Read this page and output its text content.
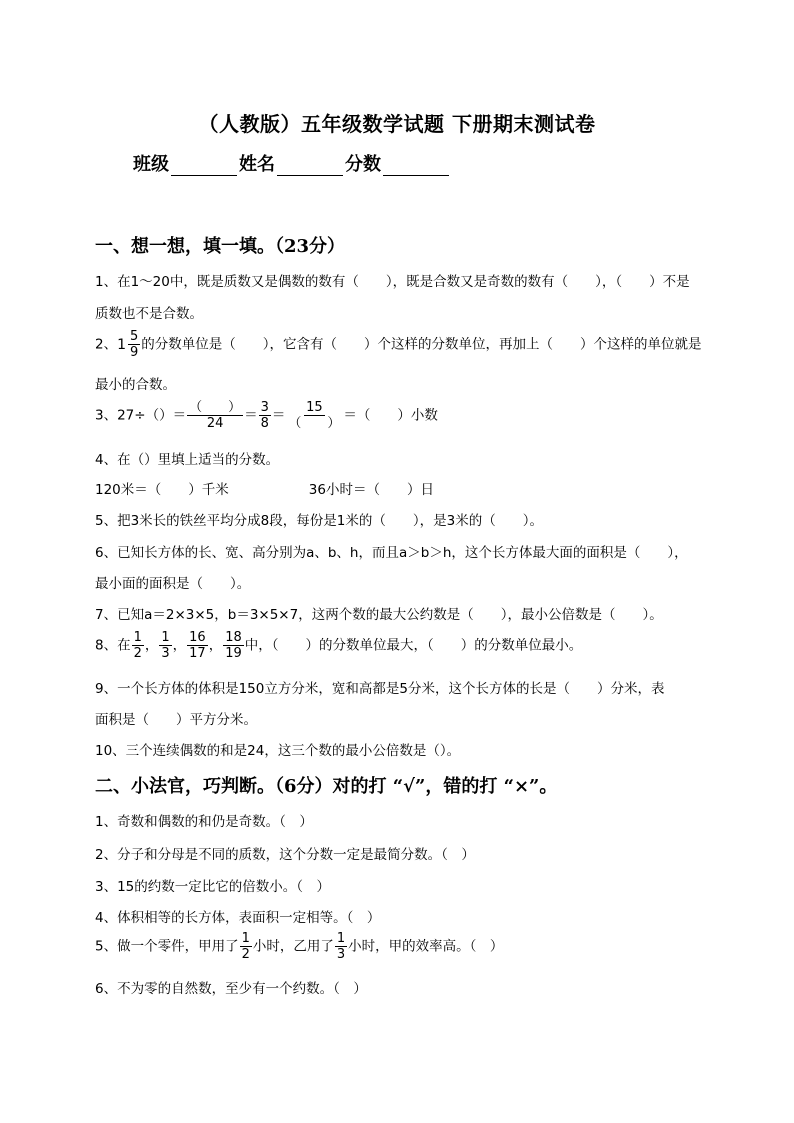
（人教版）五年级数学试题 下册期末测试卷
班级	姓名	分数
一、想一想，填一填。（23分）
1、在1～20中，既是质数又是偶数的数有（　　），既是合数又是奇数的数有（　　），（　　）不是
质数也不是合数。
2、 $1 \frac{5}{9}$ 的分数单位是（　　），它含有（　　）个这样的分数单位，再加上（　　）个这样的单位就是
最小的合数。
3、$27\div()= \frac{( )}{24} = \frac{3}{8} = \frac{15}{( )}$ ＝（　　）小数
4、在（）里填上适当的分数。
120米＝（　　）千米	36小时＝（　　）日
5、把3米长的铁丝平均分成8段，每份是1米的（　　），是3米的（　　）。
6、已知长方体的长、宽、高分别为a、b、h，而且a＞b＞h，这个长方体最大面的面积是（　　），
最小面的面积是（　　）。
7、已知a＝2×3×5，b＝3×5×7，这两个数的最大公约数是（　　），最小公倍数是（　　）。
8、在 $\frac{1}{2}$ ， $\frac{1}{3}$ ， $\frac{16}{17}$ ， $\frac{18}{19}$ 中，（　　）的分数单位最大，（　　）的分数单位最小。
9、一个长方体的体积是150立方分米，宽和高都是5分米，这个长方体的长是（　　）分米，表
面积是（　　）平方分米。
10、三个连续偶数的和是24，这三个数的最小公倍数是（）。
二、小法官，巧判断。（6分）对的打 “√”，错的打 “×”。
1、奇数和偶数的和仍是奇数。（　）
2、分子和分母是不同的质数，这个分数一定是最简分数。（　）
3、15的约数一定比它的倍数小。（　）
4、体积相等的长方体，表面积一定相等。（　）
5、做一个零件，甲用了 $\frac{1}{2}$ 小时，乙用了 $\frac{1}{3}$ 小时，甲的效率高。（　）
6、不为零的自然数，至少有一个约数。（　）
